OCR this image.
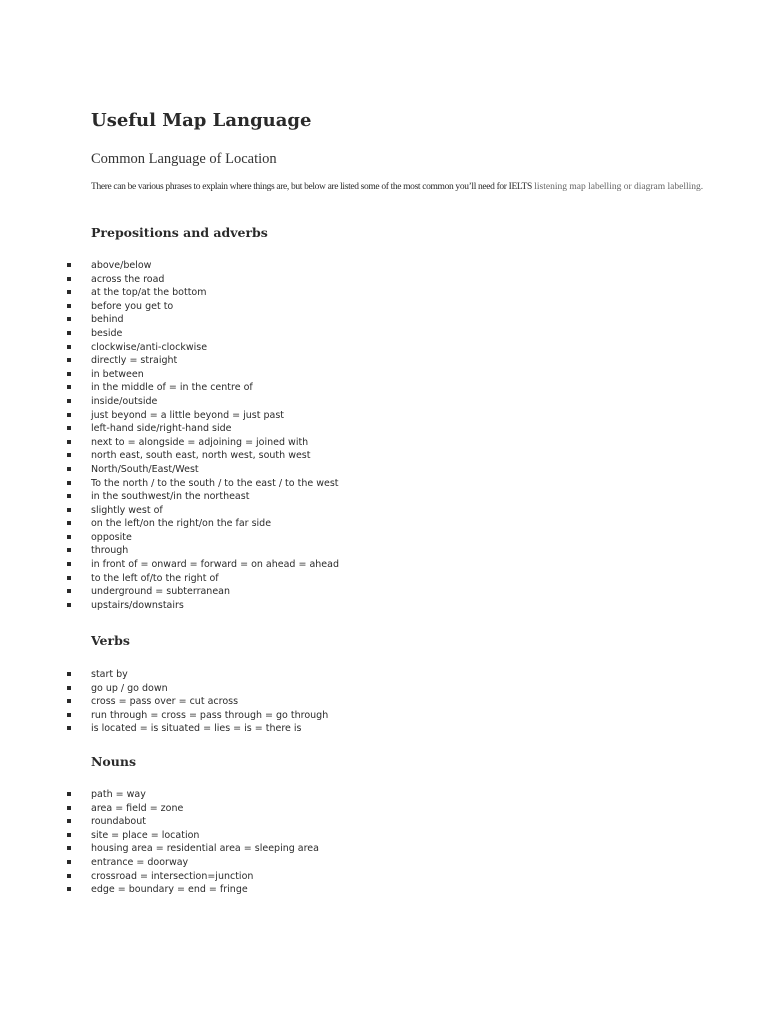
Useful Map Language
Common Language of Location

There can be various phrases to explain where things are, but below are listed some of the most common you’ll need for IELTS listening map labelling or diagram labelling.

Prepositions and adverbs
above/below
across the road
at the top/at the bottom
before you get to
behind
beside
clockwise/anti-clockwise
directly = straight
in between
in the middle of = in the centre of
inside/outside
just beyond = a little beyond = just past
left-hand side/right-hand side
next to = alongside = adjoining = joined with
north east, south east, north west, south west
North/South/East/West
To the north / to the south / to the east / to the west
in the southwest/in the northeast
slightly west of
on the left/on the right/on the far side
opposite
through
in front of = onward = forward = on ahead = ahead
to the left of/to the right of
underground = subterranean
upstairs/downstairs
Verbs
start by
go up / go down
cross = pass over = cut across
run through = cross = pass through = go through
is located = is situated = lies = is = there is
Nouns
path = way
area = field = zone
roundabout
site = place = location
housing area = residential area = sleeping area
entrance = doorway
crossroad = intersection=junction
edge = boundary = end = fringe
